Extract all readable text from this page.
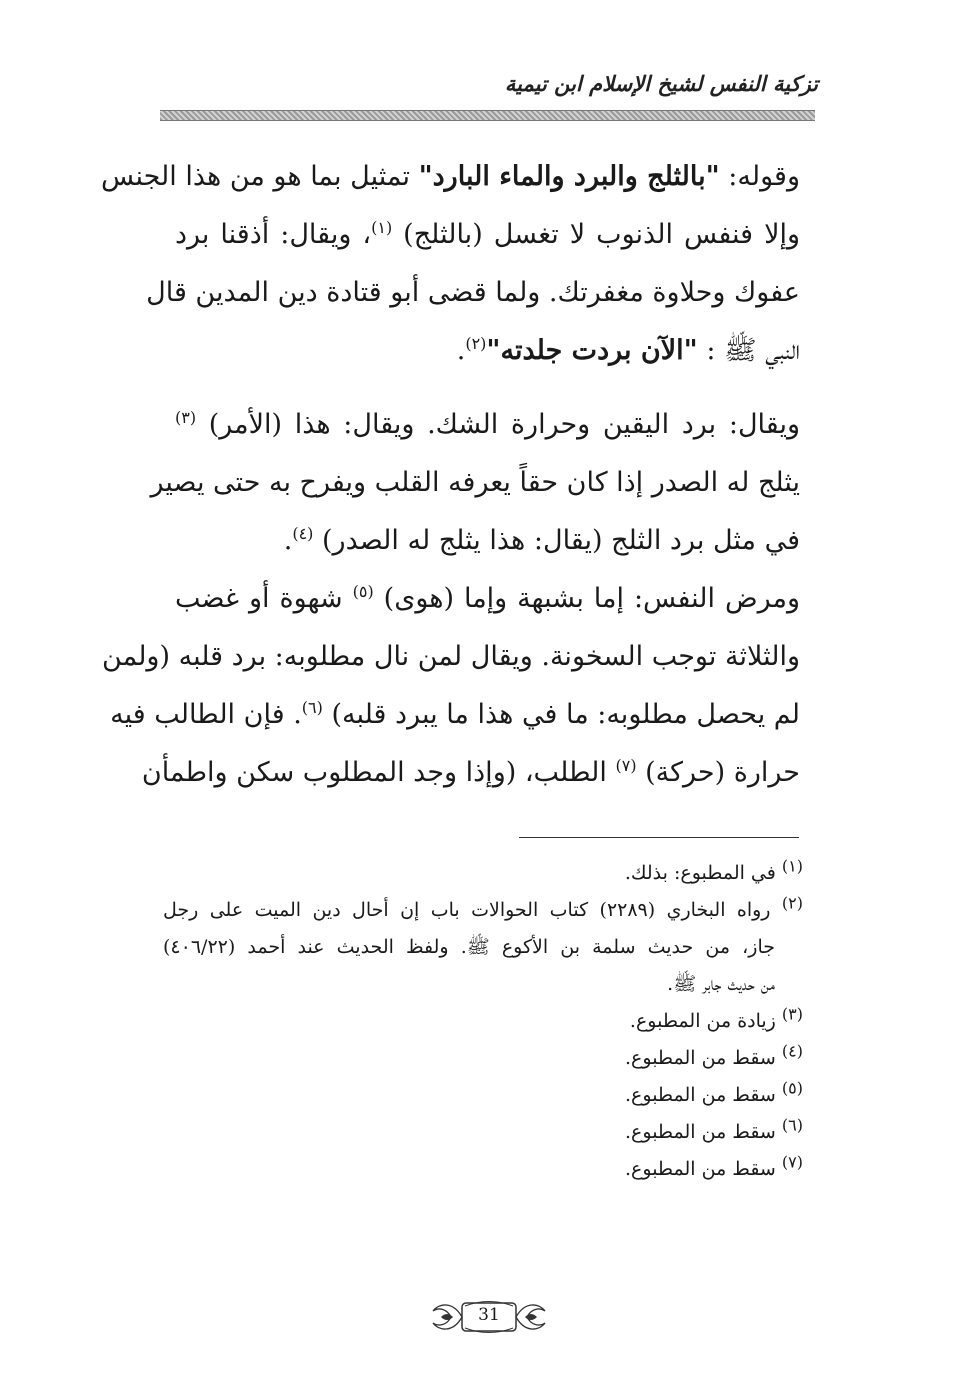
تزكية النفس لشيخ الإسلام ابن تيمية
وقوله: "بالثلج والبرد والماء البارد" تمثيل بما هو من هذا الجنس
وإلا فنفس الذنوب لا تغسل (بالثلج) $^{(١)}$، ويقال: أذقنا برد
عفوك وحلاوة مغفرتك. ولما قضى أبو قتادة دين المدين قال
النبي ﷺ : "الآن بردت جلدته"$^{(٢)}$.
ويقال: برد اليقين وحرارة الشك. ويقال: هذا (الأمر) $^{(٣)}$
يثلج له الصدر إذا كان حقاً يعرفه القلب ويفرح به حتى يصير
في مثل برد الثلج (يقال: هذا يثلج له الصدر) $^{(٤)}$.
ومرض النفس: إما بشبهة وإما (هوى) $^{(٥)}$ شهوة أو غضب
والثلاثة توجب السخونة. ويقال لمن نال مطلوبه: برد قلبه (ولمن
لم يحصل مطلوبه: ما في هذا ما يبرد قلبه) $^{(٦)}$. فإن الطالب فيه
حرارة (حركة) $^{(٧)}$ الطلب، (وإذا وجد المطلوب سكن واطمأن
$^{(١)}$ في المطبوع: بذلك.
$^{(٢)}$ رواه البخاري (٢٢٨٩) كتاب الحوالات باب إن أحال دين الميت على رجل
جاز، من حديث سلمة بن الأكوع ﷺ. ولفظ الحديث عند أحمد (٤٠٦/٢٢)
من حديث جابر ﷺ.
$^{(٣)}$ زيادة من المطبوع.
$^{(٤)}$ سقط من المطبوع.
$^{(٥)}$ سقط من المطبوع.
$^{(٦)}$ سقط من المطبوع.
$^{(٧)}$ سقط من المطبوع.
31
